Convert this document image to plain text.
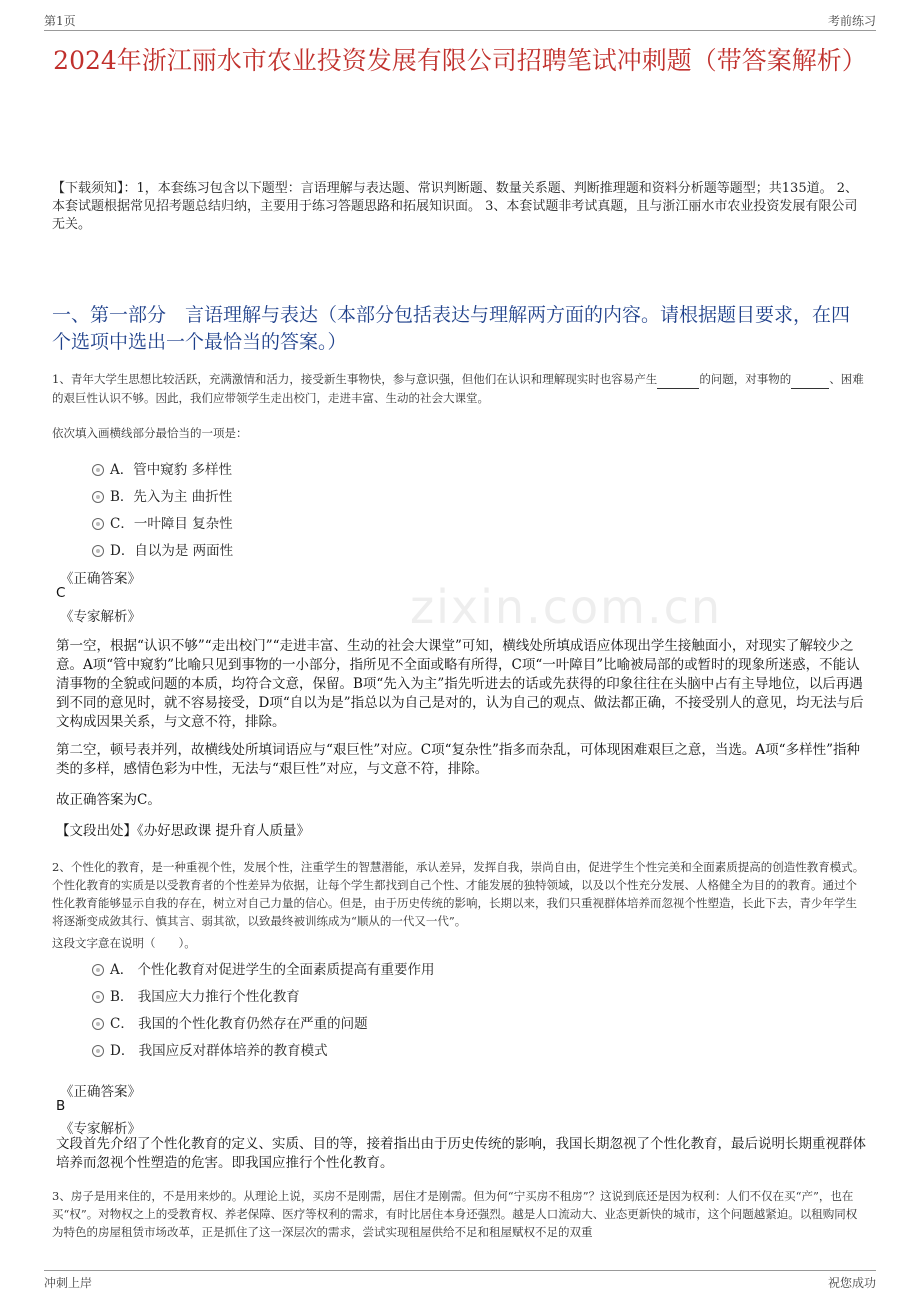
第1页	考前练习
zixin.com.cn
2024年浙江丽水市农业投资发展有限公司招聘笔试冲刺题（带答案解析）
【下载须知】：1，本套练习包含以下题型：言语理解与表达题、常识判断题、数量关系题、判断推理题和资料分析题等题型；共135道。 2、本套试题根据常见招考题总结归纳，主要用于练习答题思路和拓展知识面。 3、本套试题非考试真题，且与浙江丽水市农业投资发展有限公司无关。
一、第一部分　言语理解与表达（本部分包括表达与理解两方面的内容。请根据题目要求，在四个选项中选出一个最恰当的答案。）
1、青年大学生思想比较活跃，充满激情和活力，接受新生事物快，参与意识强，但他们在认识和理解现实时也容易产生	的问题，对事物的	、困难的艰巨性认识不够。因此，我们应带领学生走出校门，走进丰富、生动的社会大课堂。
依次填入画横线部分最恰当的一项是：
A．管中窥豹 多样性
B．先入为主 曲折性
C．一叶障目 复杂性
D．自以为是 两面性
《正确答案》
C
《专家解析》
第一空，根据“认识不够”“走出校门”“走进丰富、生动的社会大课堂”可知，横线处所填成语应体现出学生接触面小，对现实了解较少之意。A项“管中窥豹”比喻只见到事物的一小部分，指所见不全面或略有所得，C项“一叶障目”比喻被局部的或暂时的现象所迷惑，不能认清事物的全貌或问题的本质，均符合文意，保留。B项“先入为主”指先听进去的话或先获得的印象往往在头脑中占有主导地位，以后再遇到不同的意见时，就不容易接受，D项“自以为是”指总以为自己是对的，认为自己的观点、做法都正确，不接受别人的意见，均无法与后文构成因果关系，与文意不符，排除。
第二空，顿号表并列，故横线处所填词语应与“艰巨性”对应。C项“复杂性”指多而杂乱，可体现困难艰巨之意，当选。A项“多样性”指种类的多样，感情色彩为中性，无法与“艰巨性”对应，与文意不符，排除。
故正确答案为C。
【文段出处】《办好思政课 提升育人质量》
2、个性化的教育，是一种重视个性，发展个性，注重学生的智慧潜能，承认差异，发挥自我，崇尚自由，促进学生个性完美和全面素质提高的创造性教育模式。个性化教育的实质是以受教育者的个性差异为依据，让每个学生都找到自己个性、才能发展的独特领域，以及以个性充分发展、人格健全为目的的教育。通过个性化教育能够显示自我的存在，树立对自己力量的信心。但是，由于历史传统的影响，长期以来，我们只重视群体培养而忽视个性塑造，长此下去，青少年学生将逐渐变成敛其行、慎其言、弱其欲，以致最终被训练成为“顺从的一代又一代”。
这段文字意在说明（　　）。
A． 个性化教育对促进学生的全面素质提高有重要作用
B． 我国应大力推行个性化教育
C． 我国的个性化教育仍然存在严重的问题
D． 我国应反对群体培养的教育模式
《正确答案》
B
《专家解析》
文段首先介绍了个性化教育的定义、实质、目的等，接着指出由于历史传统的影响，我国长期忽视了个性化教育，最后说明长期重视群体培养而忽视个性塑造的危害。即我国应推行个性化教育。
3、房子是用来住的，不是用来炒的。从理论上说，买房不是刚需，居住才是刚需。但为何“宁买房不租房”？这说到底还是因为权利：人们不仅在买“产”，也在买“权”。对物权之上的受教育权、养老保障、医疗等权利的需求，有时比居住本身还强烈。越是人口流动大、业态更新快的城市，这个问题越紧迫。以租购同权为特色的房屋租赁市场改革，正是抓住了这一深层次的需求，尝试实现租屋供给不足和租屋赋权不足的双重
冲刺上岸	祝您成功
